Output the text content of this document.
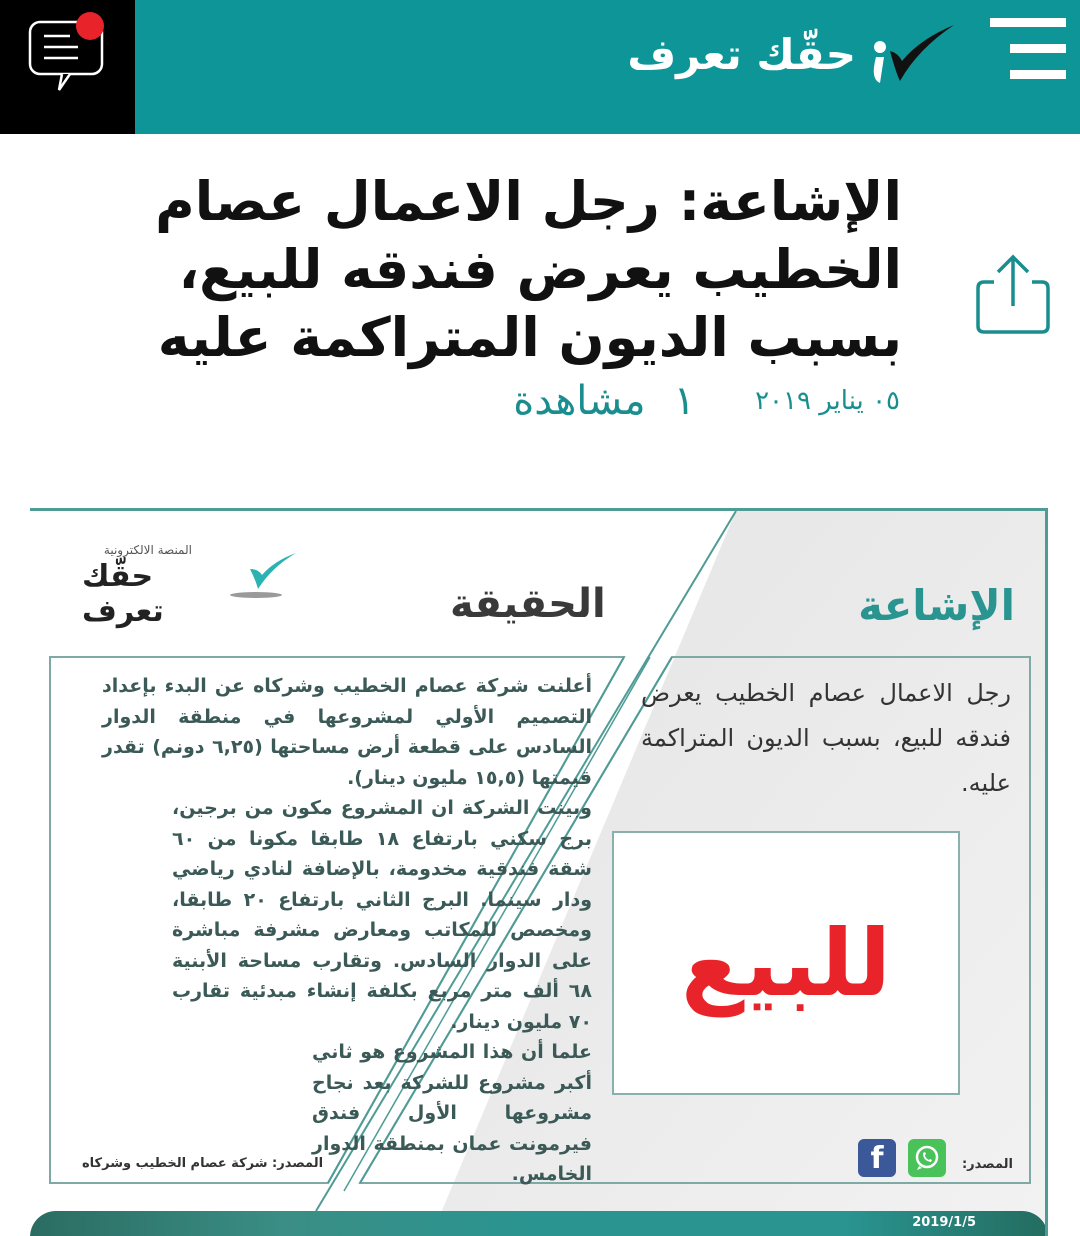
حقّك تعرف
الإشاعة: رجل الاعمال عصام الخطيب يعرض فندقه للبيع، بسبب الديون المتراكمة عليه
٠٥ يناير ٢٠١٩
١
مشاهدة
المنصة الالكترونية
حقّك تعرف	الحقيقة	الإشاعة

أعلنت شركة عصام الخطيب وشركاه عن البدء بإعداد التصميم الأولي لمشروعها في منطقة الدوار السادس على قطعة أرض مساحتها (٦,٢٥ دونم) تقدر قيمتها (١٥,٥ مليون دينار).

وبينت الشركة ان المشروع مكون من برجين، برج سكني بارتفاع ١٨ طابقا مكونا من ٦٠ شقة فندقية مخدومة، بالإضافة لنادي رياضي ودار سينما. البرج الثاني بارتفاع ٢٠ طابقا، ومخصص للمكاتب ومعارض مشرفة مباشرة على الدوار السادس. وتقارب مساحة الأبنية ٦٨ ألف متر مربع بكلفة إنشاء مبدئية تقارب ٧٠ مليون دينار.

علما أن هذا المشروع هو ثاني أكبر مشروع للشركة بعد نجاح مشروعها الأول فندق فيرمونت عمان بمنطقة الدوار الخامس.

المصدر: شركة عصام الخطيب وشركاه
رجل الاعمال عصام الخطيب يعرض فندقه للبيع، بسبب الديون المتراكمة عليه.
للبيع
f	المصدر:
2019/1/5
